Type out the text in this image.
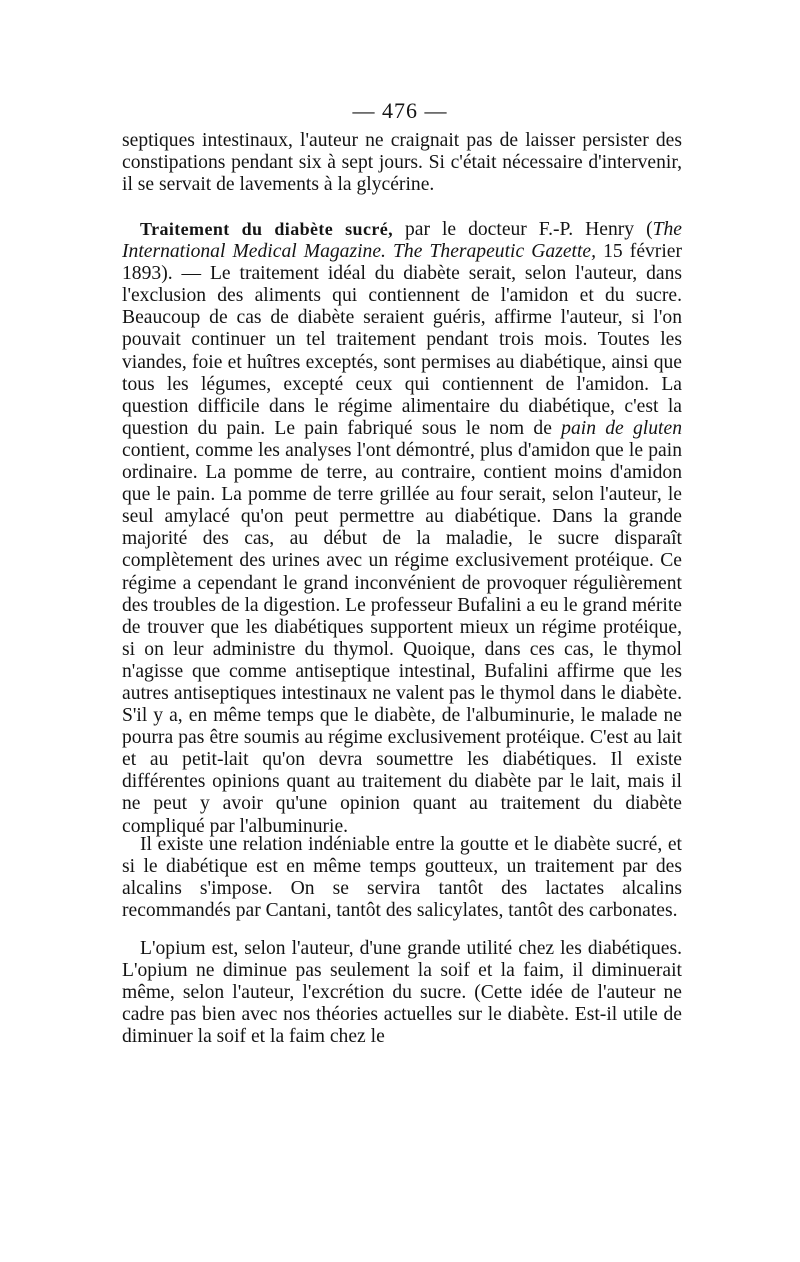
— 476 —

septiques intestinaux, l'auteur ne craignait pas de laisser persister des constipations pendant six à sept jours. Si c'était nécessaire d'intervenir, il se servait de lavements à la glycérine.

Traitement du diabète sucré, par le docteur F.-P. Henry (The International Medical Magazine. The Therapeutic Gazette, 15 février 1893). — Le traitement idéal du diabète serait, selon l'auteur, dans l'exclusion des aliments qui contiennent de l'amidon et du sucre. Beaucoup de cas de diabète seraient guéris, affirme l'auteur, si l'on pouvait continuer un tel traitement pendant trois mois. Toutes les viandes, foie et huîtres exceptés, sont permises au diabétique, ainsi que tous les légumes, excepté ceux qui contiennent de l'amidon. La question difficile dans le régime alimentaire du diabétique, c'est la question du pain. Le pain fabriqué sous le nom de pain de gluten contient, comme les analyses l'ont démontré, plus d'amidon que le pain ordinaire. La pomme de terre, au contraire, contient moins d'amidon que le pain. La pomme de terre grillée au four serait, selon l'auteur, le seul amylacé qu'on peut permettre au diabétique. Dans la grande majorité des cas, au début de la maladie, le sucre disparaît complètement des urines avec un régime exclusivement protéique. Ce régime a cependant le grand inconvénient de provoquer régulièrement des troubles de la digestion. Le professeur Bufalini a eu le grand mérite de trouver que les diabétiques supportent mieux un régime protéique, si on leur administre du thymol. Quoique, dans ces cas, le thymol n'agisse que comme antiseptique intestinal, Bufalini affirme que les autres antiseptiques intestinaux ne valent pas le thymol dans le diabète. S'il y a, en même temps que le diabète, de l'albuminurie, le malade ne pourra pas être soumis au régime exclusivement protéique. C'est au lait et au petit-lait qu'on devra soumettre les diabétiques. Il existe différentes opinions quant au traitement du diabète par le lait, mais il ne peut y avoir qu'une opinion quant au traitement du diabète compliqué par l'albuminurie.

Il existe une relation indéniable entre la goutte et le diabète sucré, et si le diabétique est en même temps goutteux, un traitement par des alcalins s'impose. On se servira tantôt des lactates alcalins recommandés par Cantani, tantôt des salicylates, tantôt des carbonates.

L'opium est, selon l'auteur, d'une grande utilité chez les diabétiques. L'opium ne diminue pas seulement la soif et la faim, il diminuerait même, selon l'auteur, l'excrétion du sucre. (Cette idée de l'auteur ne cadre pas bien avec nos théories actuelles sur le diabète. Est-il utile de diminuer la soif et la faim chez le
